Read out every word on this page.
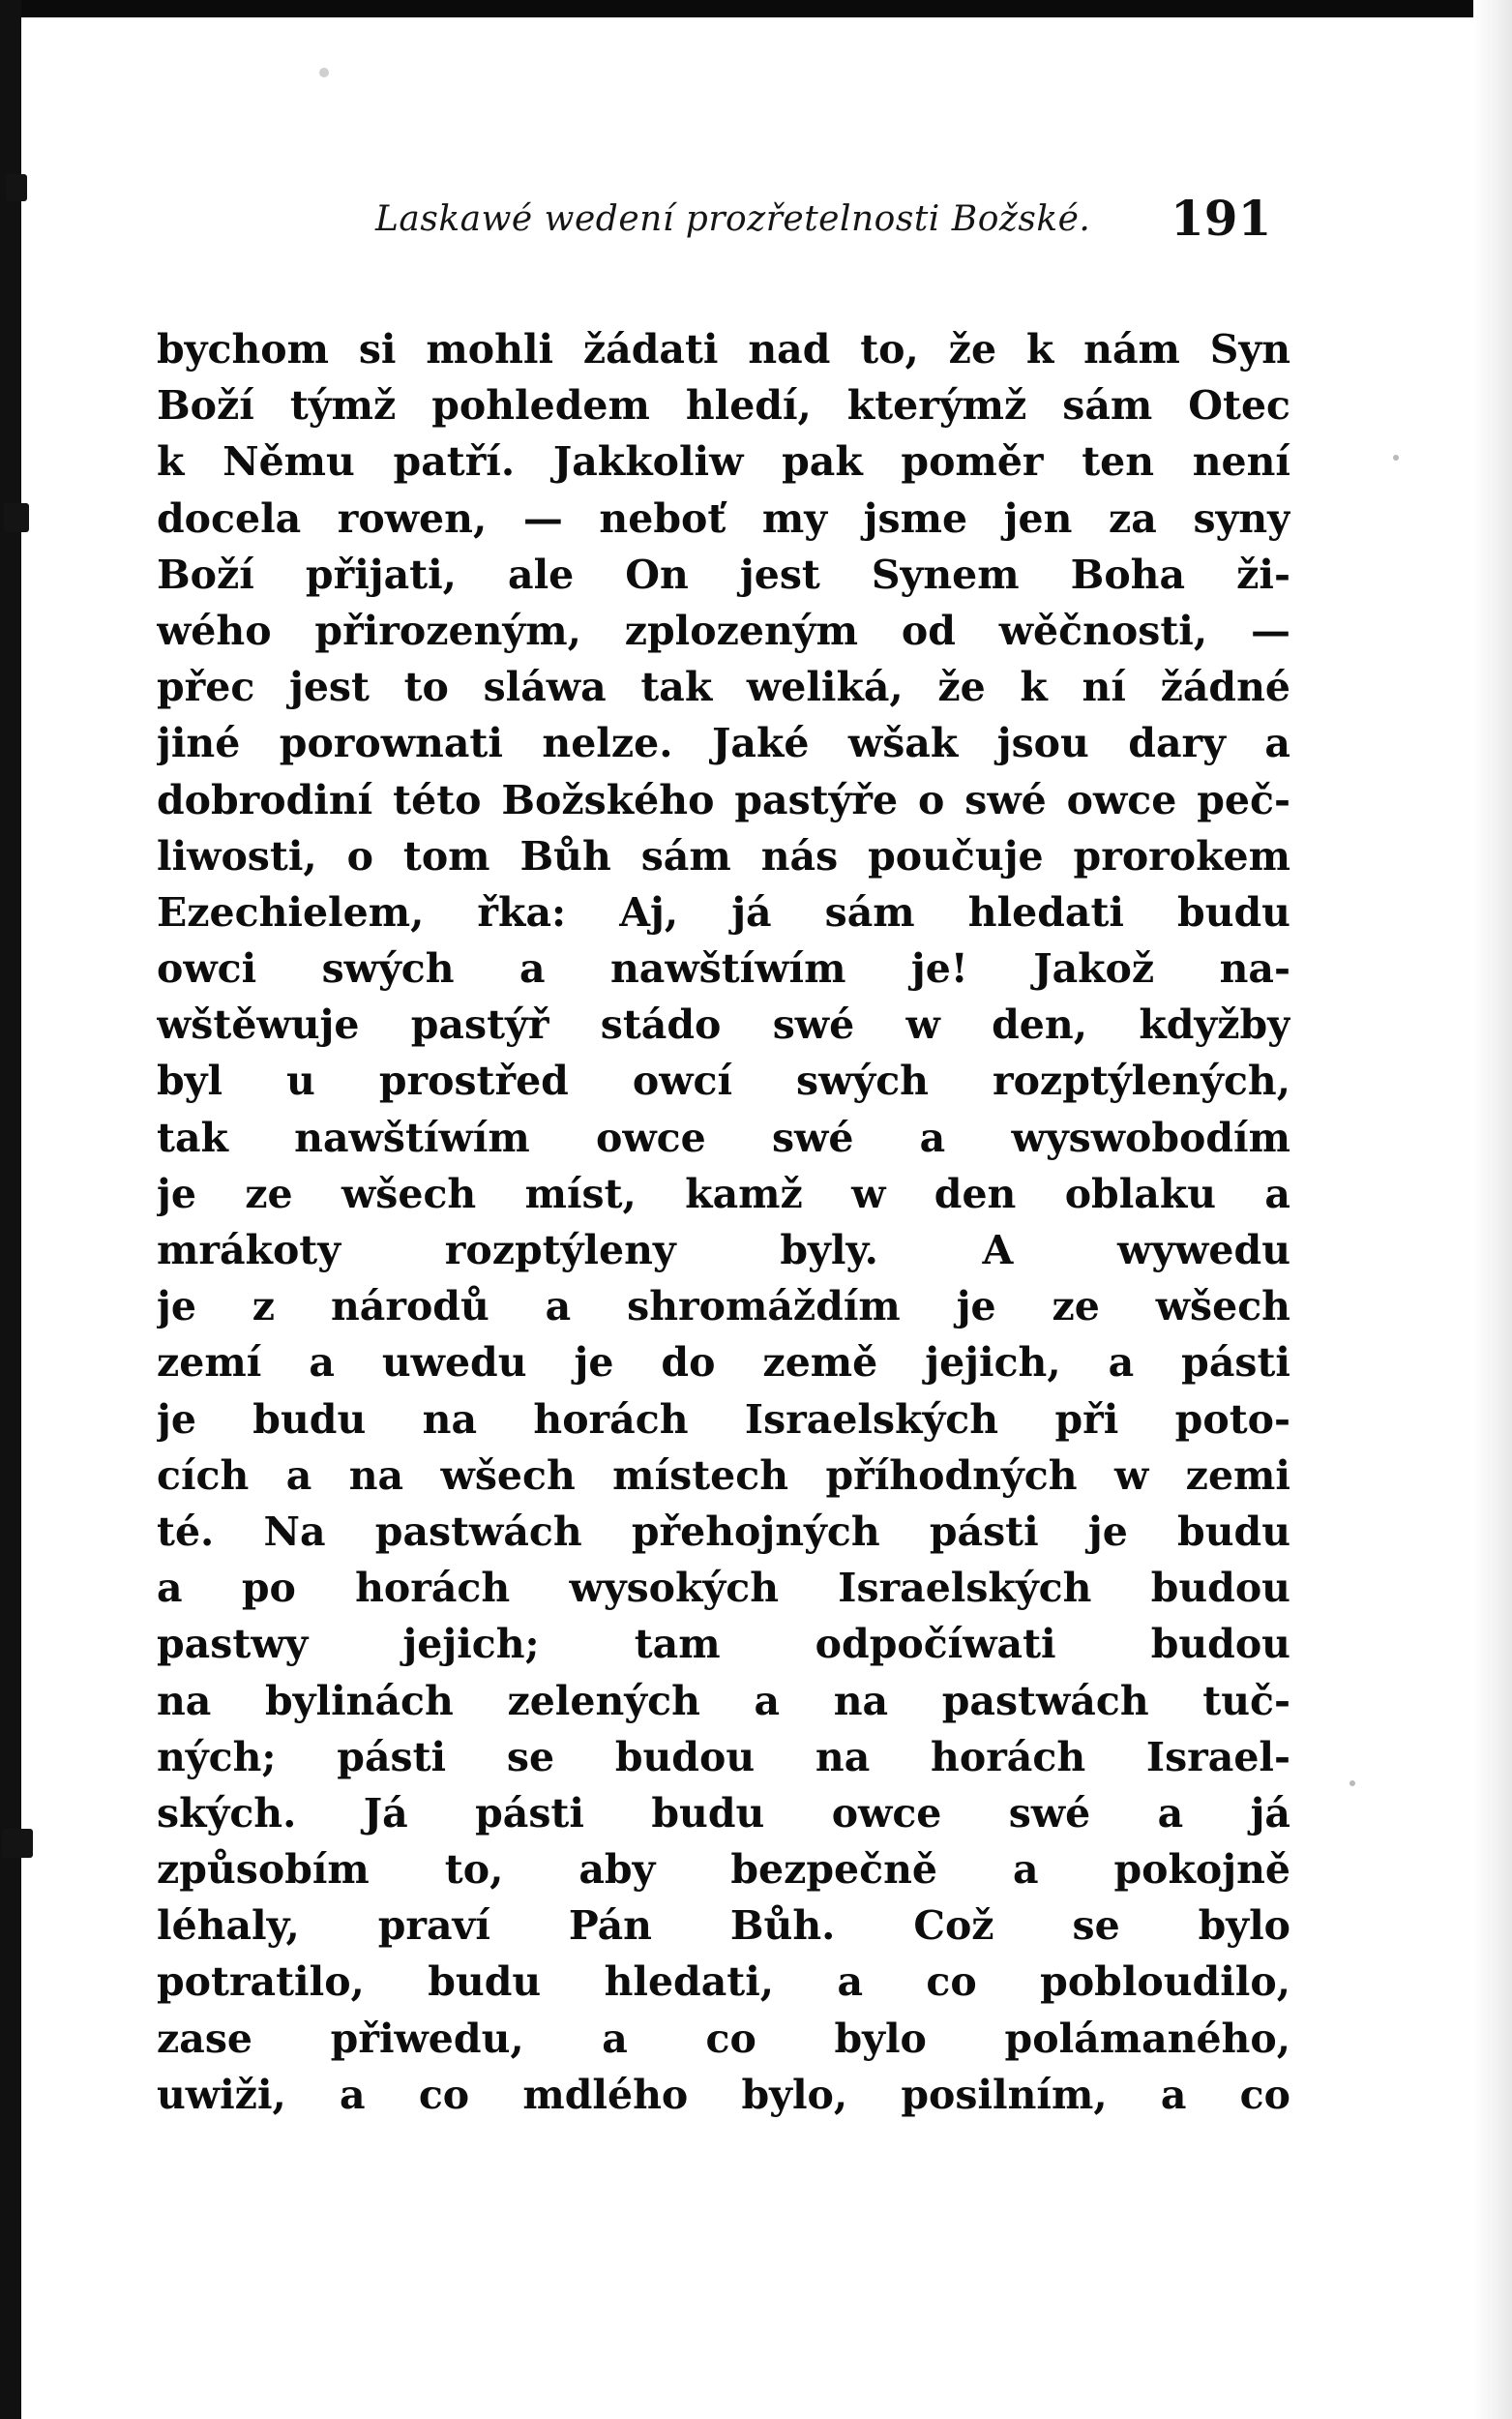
Laskawé wedení prozřetelnosti Božské. 191
bychom si mohli žádati nad to, že k nám Syn
Boží týmž pohledem hledí, kterýmž sám Otec
k Němu patří. Jakkoliw pak poměr ten není
docela rowen, — neboť my jsme jen za syny
Boží přijati, ale On jest Synem Boha ži-
wého přirozeným, zplozeným od wěčnosti, —
přec jest to sláwa tak weliká, že k ní žádné
jiné porownati nelze. Jaké wšak jsou dary a
dobrodiní této Božského pastýře o swé owce peč-
liwosti, o tom Bůh sám nás poučuje prorokem
Ezechielem, řka: Aj, já sám hledati budu
owci swých a nawštíwím je! Jakož na-
wštěwuje pastýř stádo swé w den, kdyžby
byl u prostřed owcí swých rozptýlených,
tak nawštíwím owce swé a wyswobodím
je ze wšech míst, kamž w den oblaku a
mrákoty rozptýleny byly. A wywedu
je z národů a shromáždím je ze wšech
zemí a uwedu je do země jejich, a pásti
je budu na horách Israelských při poto-
cích a na wšech místech příhodných w zemi
té. Na pastwách přehojných pásti je budu
a po horách wysokých Israelských budou
pastwy jejich; tam odpočíwati budou
na bylinách zelených a na pastwách tuč-
ných; pásti se budou na horách Israel-
ských. Já pásti budu owce swé a já
způsobím to, aby bezpečně a pokojně
léhaly, praví Pán Bůh. Což se bylo
potratilo, budu hledati, a co pobloudilo,
zase přiwedu, a co bylo polámaného,
uwiži, a co mdlého bylo, posilním, a co
